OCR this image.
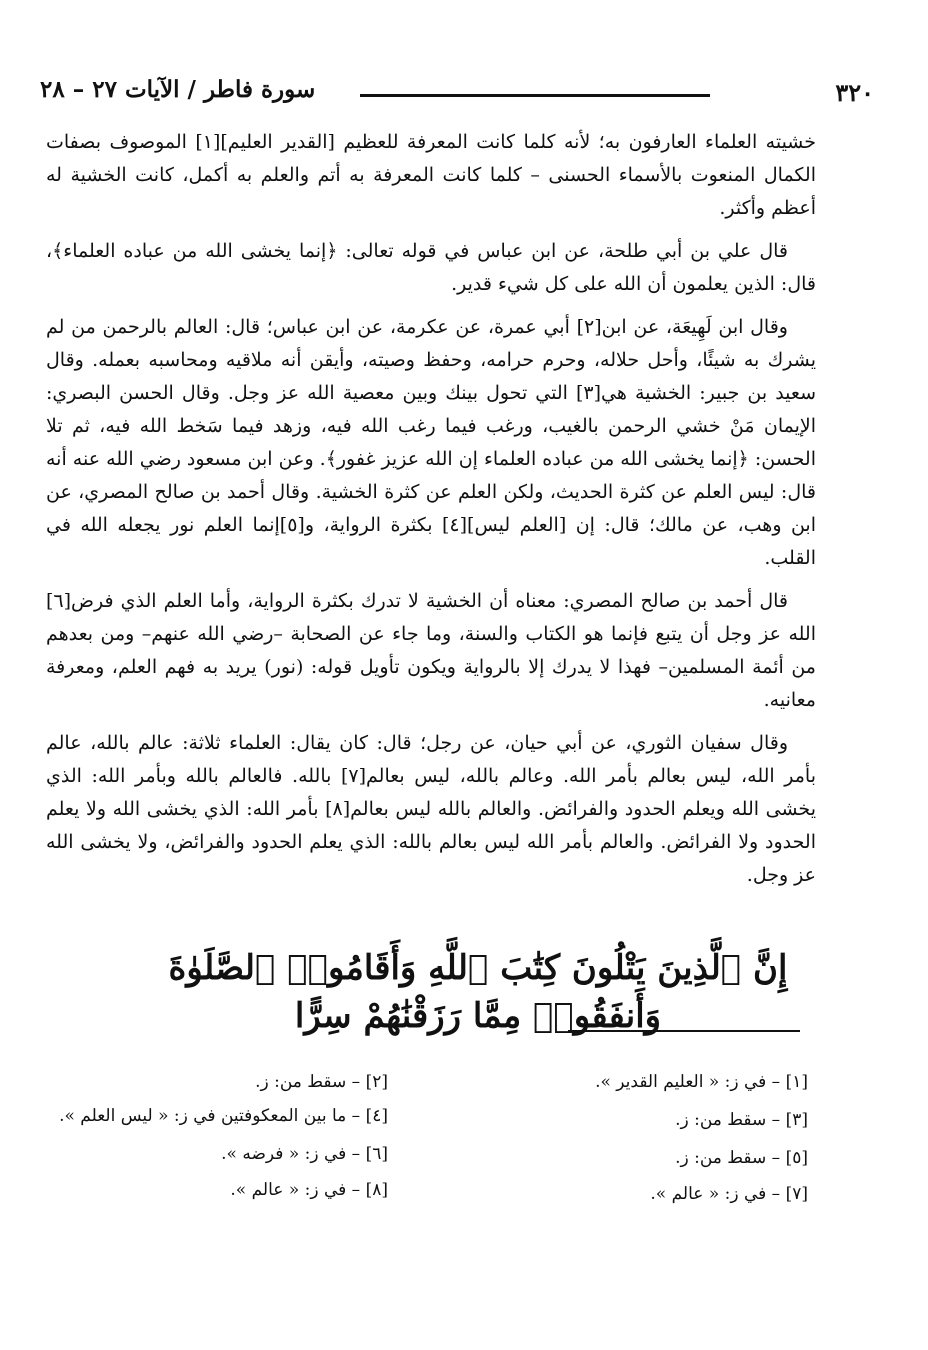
٣٢٠
سورة فاطر / الآيات ٢٧ – ٢٨

خشيته العلماء العارفون به؛ لأنه كلما كانت المعرفة للعظيم [القدير العليم][١] الموصوف بصفات الكمال المنعوت بالأسماء الحسنى – كلما كانت المعرفة به أتم والعلم به أكمل، كانت الخشية له أعظم وأكثر.

قال علي بن أبي طلحة، عن ابن عباس في قوله تعالى: ﴿إنما يخشى الله من عباده العلماء﴾، قال: الذين يعلمون أن الله على كل شيء قدير.

وقال ابن لَهِيعَة، عن ابن[٢] أبي عمرة، عن عكرمة، عن ابن عباس؛ قال: العالم بالرحمن من لم يشرك به شيئًا، وأحل حلاله، وحرم حرامه، وحفظ وصيته، وأيقن أنه ملاقيه ومحاسبه بعمله. وقال سعيد بن جبير: الخشية هي[٣] التي تحول بينك وبين معصية الله عز وجل. وقال الحسن البصري: الإيمان مَنْ خشي الرحمن بالغيب، ورغب فيما رغب الله فيه، وزهد فيما سَخط الله فيه، ثم تلا الحسن: ﴿إنما يخشى الله من عباده العلماء إن الله عزيز غفور﴾. وعن ابن مسعود رضي الله عنه أنه قال: ليس العلم عن كثرة الحديث، ولكن العلم عن كثرة الخشية. وقال أحمد بن صالح المصري، عن ابن وهب، عن مالك؛ قال: إن [العلم ليس][٤] بكثرة الرواية، و[٥]إنما العلم نور يجعله الله في القلب.

قال أحمد بن صالح المصري: معناه أن الخشية لا تدرك بكثرة الرواية، وأما العلم الذي فرض[٦] الله عز وجل أن يتبع فإنما هو الكتاب والسنة، وما جاء عن الصحابة –رضي الله عنهم– ومن بعدهم من أئمة المسلمين– فهذا لا يدرك إلا بالرواية ويكون تأويل قوله: (نور) يريد به فهم العلم، ومعرفة معانيه.

وقال سفيان الثوري، عن أبي حيان، عن رجل؛ قال: كان يقال: العلماء ثلاثة: عالم بالله، عالم بأمر الله، ليس بعالم بأمر الله. وعالم بالله، ليس بعالم[٧] بالله. فالعالم بالله وبأمر الله: الذي يخشى الله ويعلم الحدود والفرائض. والعالم بالله ليس بعالم[٨] بأمر الله: الذي يخشى الله ولا يعلم الحدود ولا الفرائض. والعالم بأمر الله ليس بعالم بالله: الذي يعلم الحدود والفرائض، ولا يخشى الله عز وجل.

إِنَّ ٱلَّذِينَ يَتْلُونَ كِتَٰبَ ٱللَّهِ وَأَقَامُوا۟ ٱلصَّلَوٰةَ وَأَنفَقُوا۟ مِمَّا رَزَقْنَٰهُمْ سِرًّا
[١] – في ز: « العليم القدير ».
[٢] – سقط من: ز.
[٣] – سقط من: ز.
[٤] – ما بين المعكوفتين في ز: « ليس العلم ».
[٥] – سقط من: ز.
[٦] – في ز: « فرضه ».
[٧] – في ز: « عالم ».
[٨] – في ز: « عالم ».
